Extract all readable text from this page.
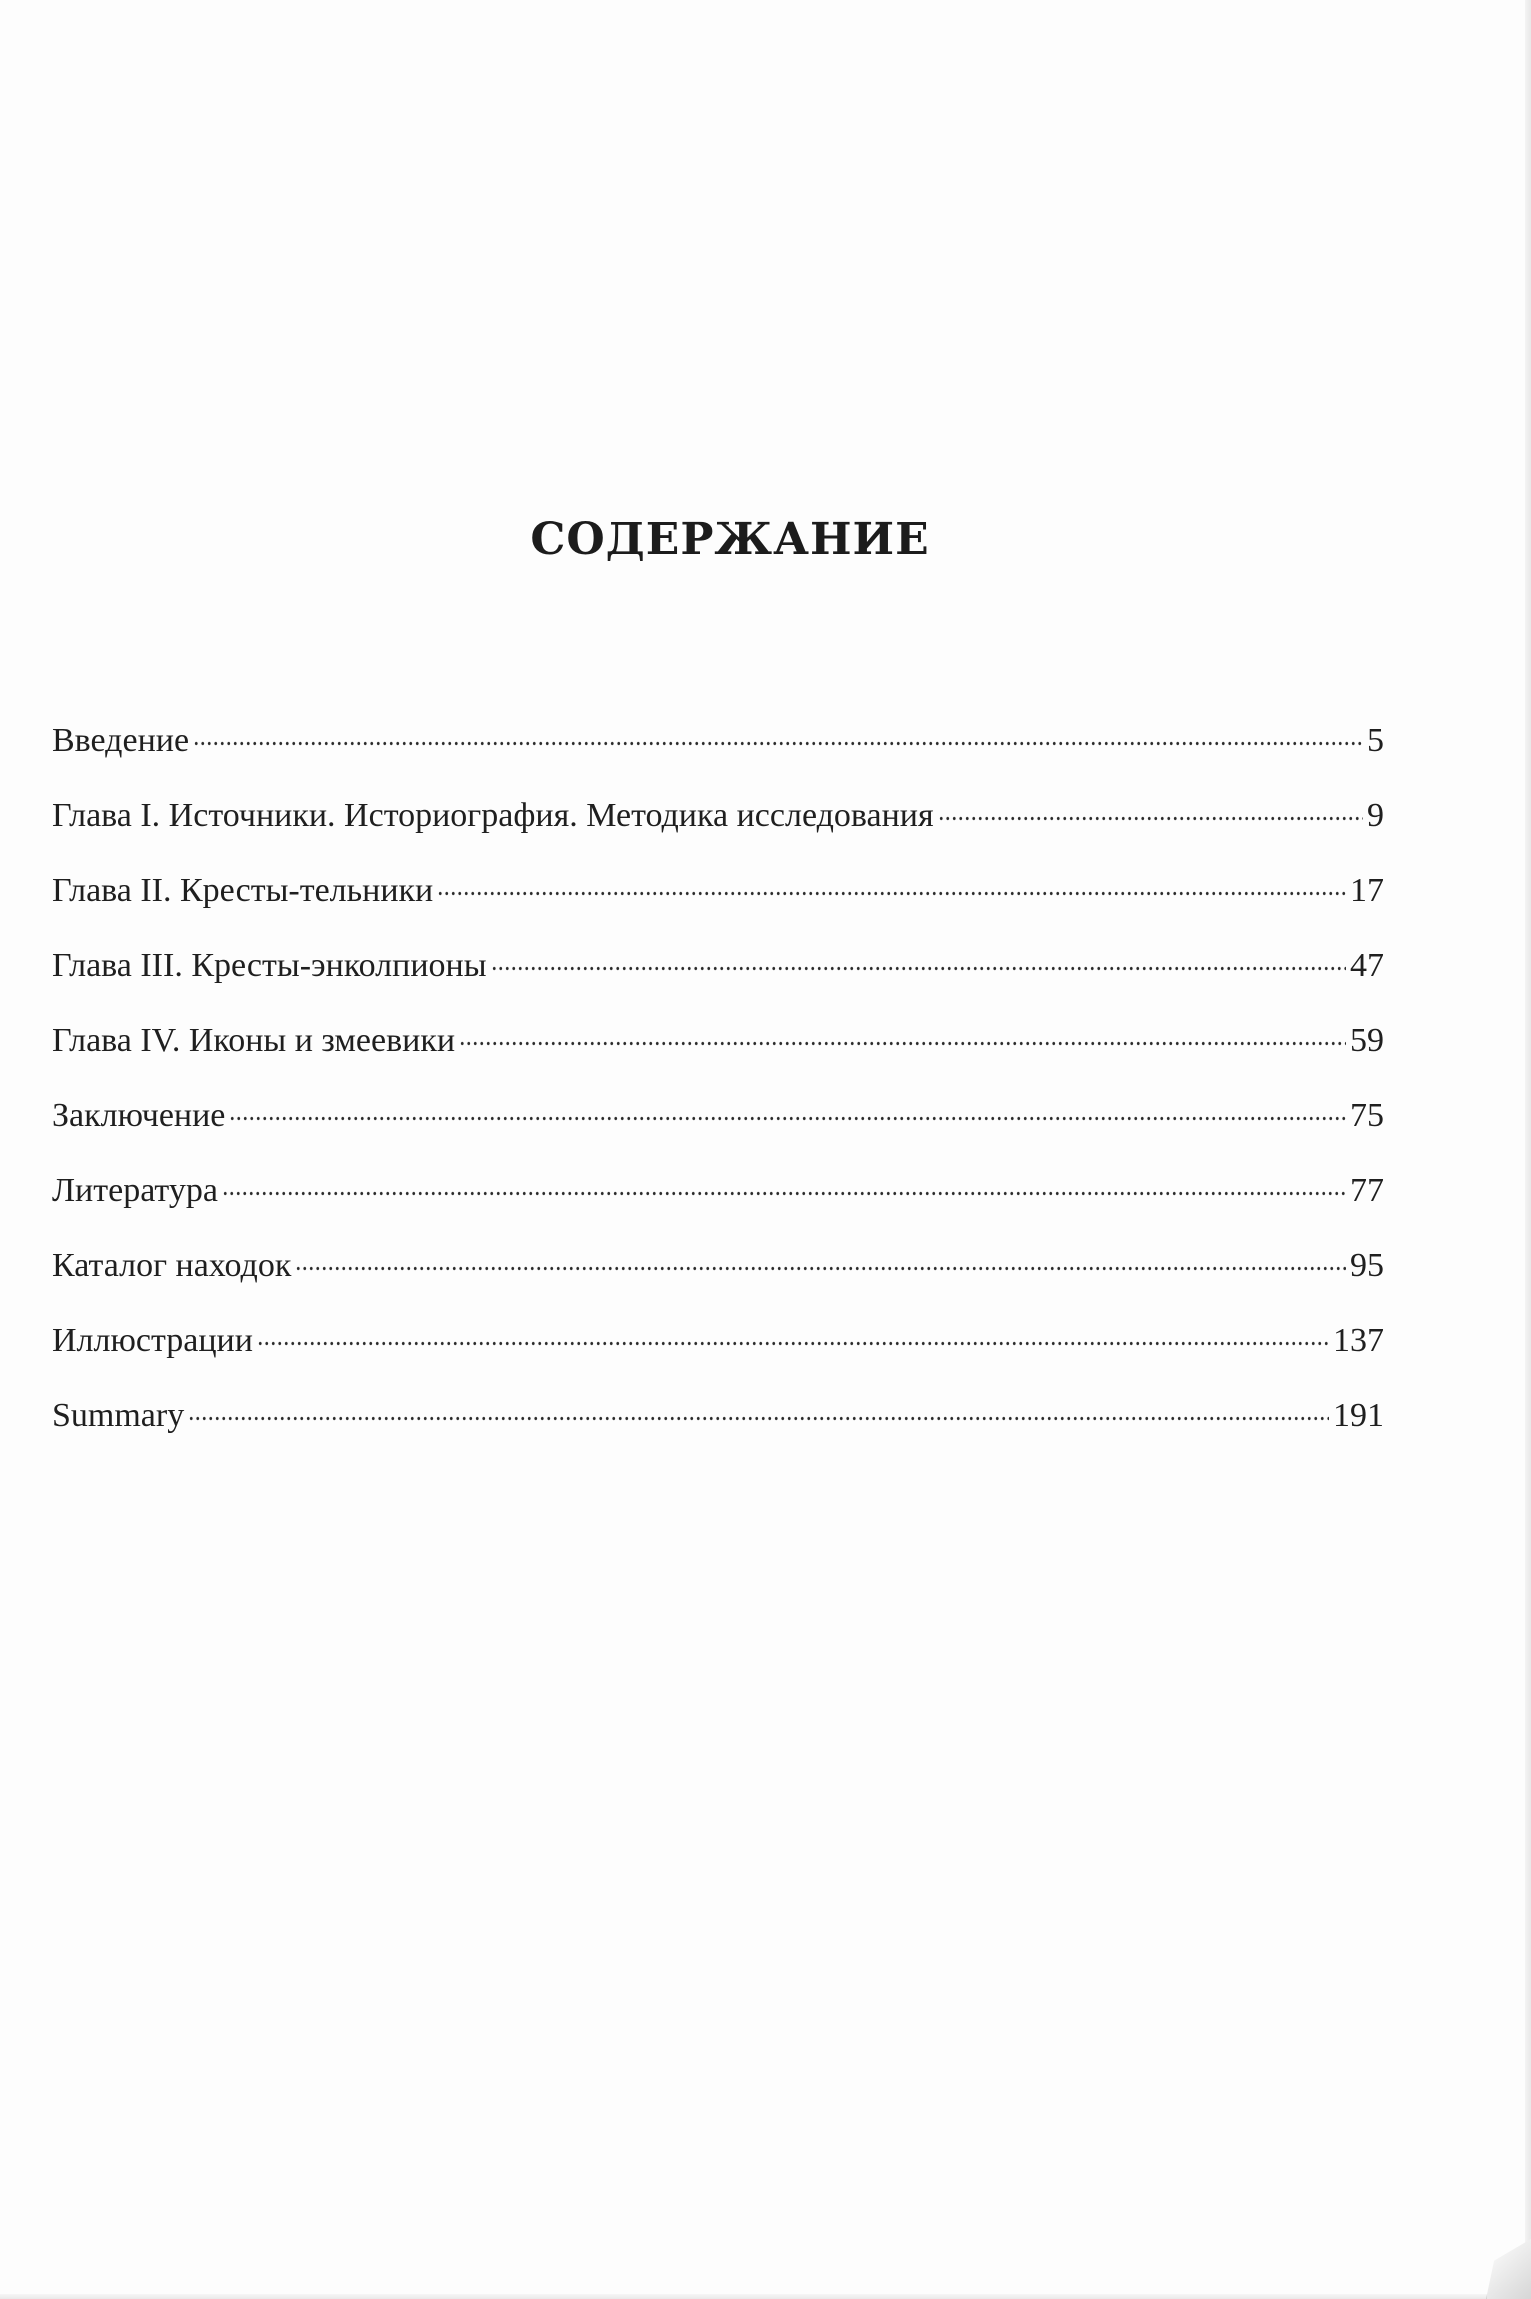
СОДЕРЖАНИЕ
Введение	5
Глава I. Источники. Историография. Методика исследования	9
Глава II. Кресты-тельники	17
Глава III. Кресты-энколпионы	47
Глава IV. Иконы и змеевики	59
Заключение	75
Литература	77
Каталог находок	95
Иллюстрации	137
Summary	191
